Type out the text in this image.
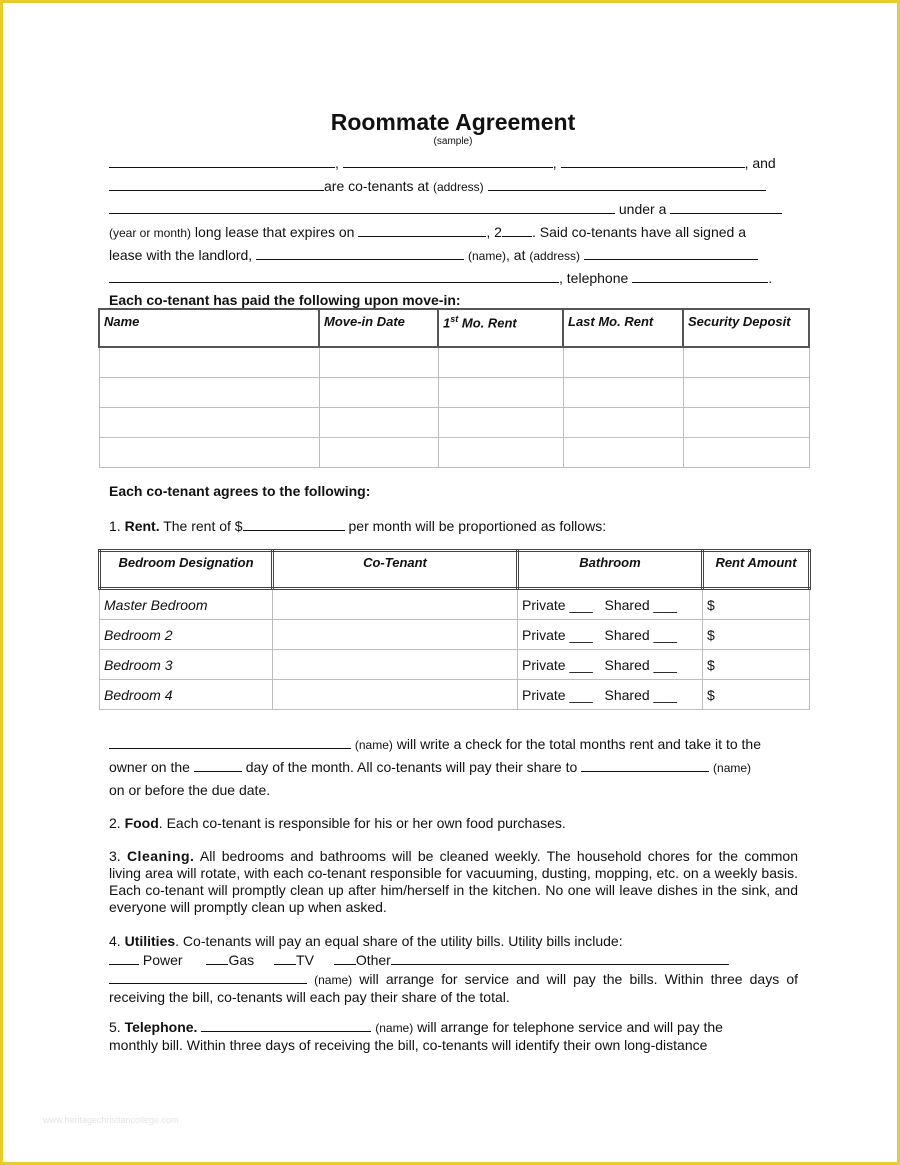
Roommate Agreement
(sample)
,	,	, and
are co-tenants at (address)
under a
(year or month) long lease that expires on	, 2 . Said co-tenants have all signed a
lease with the landlord,	(name), at (address)
, telephone	.
Each co-tenant has paid the following upon move-in:
Name	Move-in Date	1st Mo. Rent	Last Mo. Rent	Security Deposit

Each co-tenant agrees to the following:
1. Rent. The rent of $	per month will be proportioned as follows:
Bedroom Designation	Co-Tenant	Bathroom	Rent Amount
Master Bedroom		Private ___ Shared ___	$
Bedroom 2		Private ___ Shared ___	$
Bedroom 3		Private ___ Shared ___	$
Bedroom 4		Private ___ Shared ___	$
(name) will write a check for the total months rent and take it to the
owner on the	day of the month. All co-tenants will pay their share to	(name)
on or before the due date.
2. Food. Each co-tenant is responsible for his or her own food purchases.
3. Cleaning. All bedrooms and bathrooms will be cleaned weekly. The household chores for the common living area will rotate, with each co-tenant responsible for vacuuming, dusting, mopping, etc. on a weekly basis. Each co-tenant will promptly clean up after him/herself in the kitchen. No one will leave dishes in the sink, and everyone will promptly clean up when asked.
4. Utilities. Co-tenants will pay an equal share of the utility bills. Utility bills include:
Power	Gas	TV	Other
(name) will arrange for service and will pay the bills. Within three days of
receiving the bill, co-tenants will each pay their share of the total.
5. Telephone.	(name) will arrange for telephone service and will pay the
monthly bill. Within three days of receiving the bill, co-tenants will identify their own long-distance
www.heritagechristiancollege.com
